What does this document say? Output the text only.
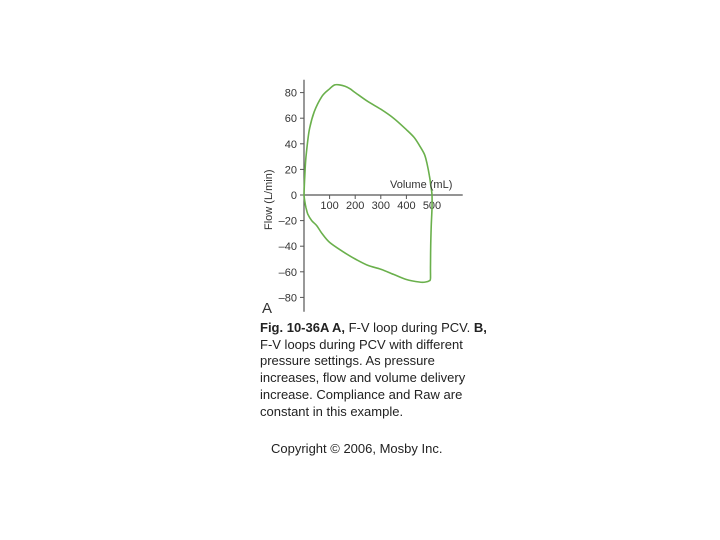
80
60
40
20
0
–20
–40
–60
–80
100 200 300 400 500
Volume (mL)
Flow (L/min)
A
Fig. 10-36A A, F-V loop during PCV. B, F-V loops during PCV with different pressure settings. As pressure increases, flow and volume delivery increase. Compliance and Raw are constant in this example.
Copyright © 2006, Mosby Inc.
